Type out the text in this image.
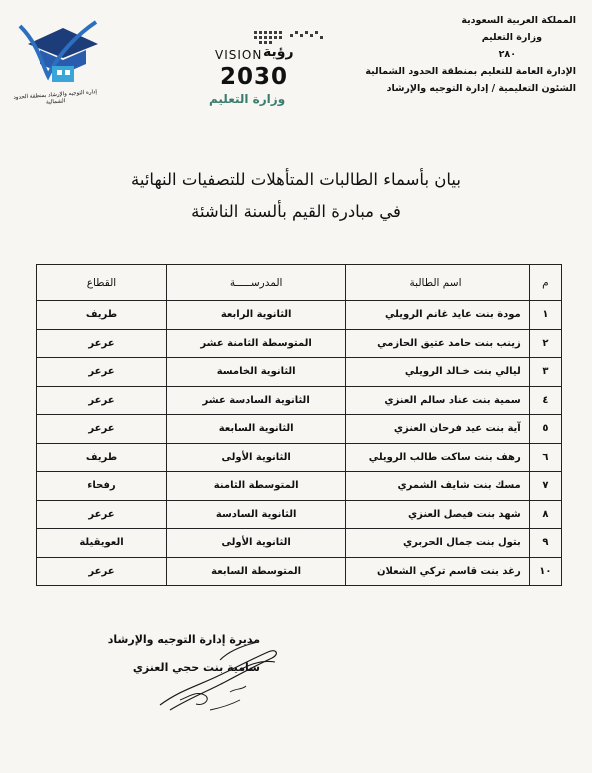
المملكة العربية السعودية
وزارة التعليم
٢٨٠
الإدارة العامة للتعليم بمنطقة الحدود الشمالية
الشئون التعليمية / إدارة التوجيه والإرشاد
VISION رؤية
2030
وزارة التعليم
إدارة التوجيه والإرشاد بمنطقة الحدود الشمالية
بيان بأسماء الطالبات المتأهلات للتصفيات النهائية
في مبادرة القيم بألسنة الناشئة
م	اسم الطالبة	المدرســـــة	القطاع
١	مودة بنت عايد غانم الرويلي	الثانوية الرابعة	طريف
٢	زينب بنت حامد عتيق الحازمي	المتوسطة الثامنة عشر	عرعر
٣	ليالي بنت خـالد الرويلي	الثانوية الخامسة	عرعر
٤	سمية بنت عناد سالم العنزي	الثانوية السادسة عشر	عرعر
٥	آية بنت عيد فرحان العنزي	الثانوية السابعة	عرعر
٦	رهف بنت ساكت طالب الرويلي	الثانوية الأولى	طريف
٧	مسك بنت شايف الشمري	المتوسطة الثامنة	رفحاء
٨	شهد بنت فيصل العنزي	الثانوية السادسة	عرعر
٩	بتول بنت جمال الحربري	الثانوية الأولى	العويقيلة
١٠	رغد بنت قاسم تركي الشعلان	المتوسطة السابعة	عرعر
مديرة إدارة التوجيه والإرشاد
سامية بنت حجي العنزي
